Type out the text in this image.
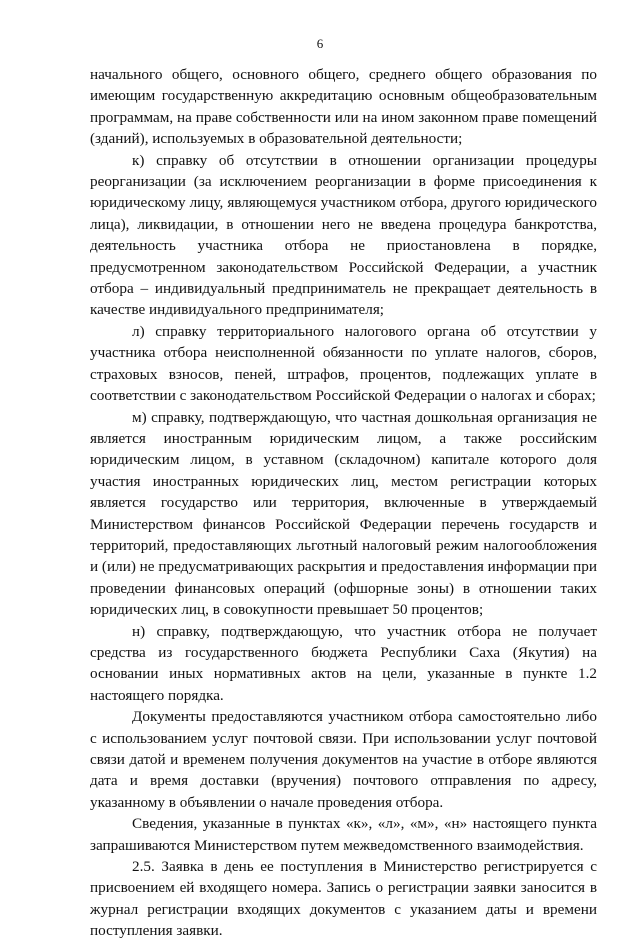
6

начального общего, основного общего, среднего общего образования по имеющим государственную аккредитацию основным общеобразовательным программам, на праве собственности или на ином законном праве помещений (зданий), используемых в образовательной деятельности;

к) справку об отсутствии в отношении организации процедуры реорганизации (за исключением реорганизации в форме присоединения к юридическому лицу, являющемуся участником отбора, другого юридического лица), ликвидации, в отношении него не введена процедура банкротства, деятельность участника отбора не приостановлена в порядке, предусмотренном законодательством Российской Федерации, а участник отбора – индивидуальный предприниматель не прекращает деятельность в качестве индивидуального предпринимателя;

л) справку территориального налогового органа об отсутствии у участника отбора неисполненной обязанности по уплате налогов, сборов, страховых взносов, пеней, штрафов, процентов, подлежащих уплате в соответствии с законодательством Российской Федерации о налогах и сборах;

м) справку, подтверждающую, что частная дошкольная организация не является иностранным юридическим лицом, а также российским юридическим лицом, в уставном (складочном) капитале которого доля участия иностранных юридических лиц, местом регистрации которых является государство или территория, включенные в утверждаемый Министерством финансов Российской Федерации перечень государств и территорий, предоставляющих льготный налоговый режим налогообложения и (или) не предусматривающих раскрытия и предоставления информации при проведении финансовых операций (офшорные зоны) в отношении таких юридических лиц, в совокупности превышает 50 процентов;

н) справку, подтверждающую, что участник отбора не получает средства из государственного бюджета Республики Саха (Якутия) на основании иных нормативных актов на цели, указанные в пункте 1.2 настоящего порядка.

Документы предоставляются участником отбора самостоятельно либо с использованием услуг почтовой связи. При использовании услуг почтовой связи датой и временем получения документов на участие в отборе являются дата и время доставки (вручения) почтового отправления по адресу, указанному в объявлении о начале проведения отбора.

Сведения, указанные в пунктах «к», «л», «м», «н» настоящего пункта запрашиваются Министерством путем межведомственного взаимодействия.

2.5. Заявка в день ее поступления в Министерство регистрируется с присвоением ей входящего номера. Запись о регистрации заявки заносится в журнал регистрации входящих документов с указанием даты и времени поступления заявки.
